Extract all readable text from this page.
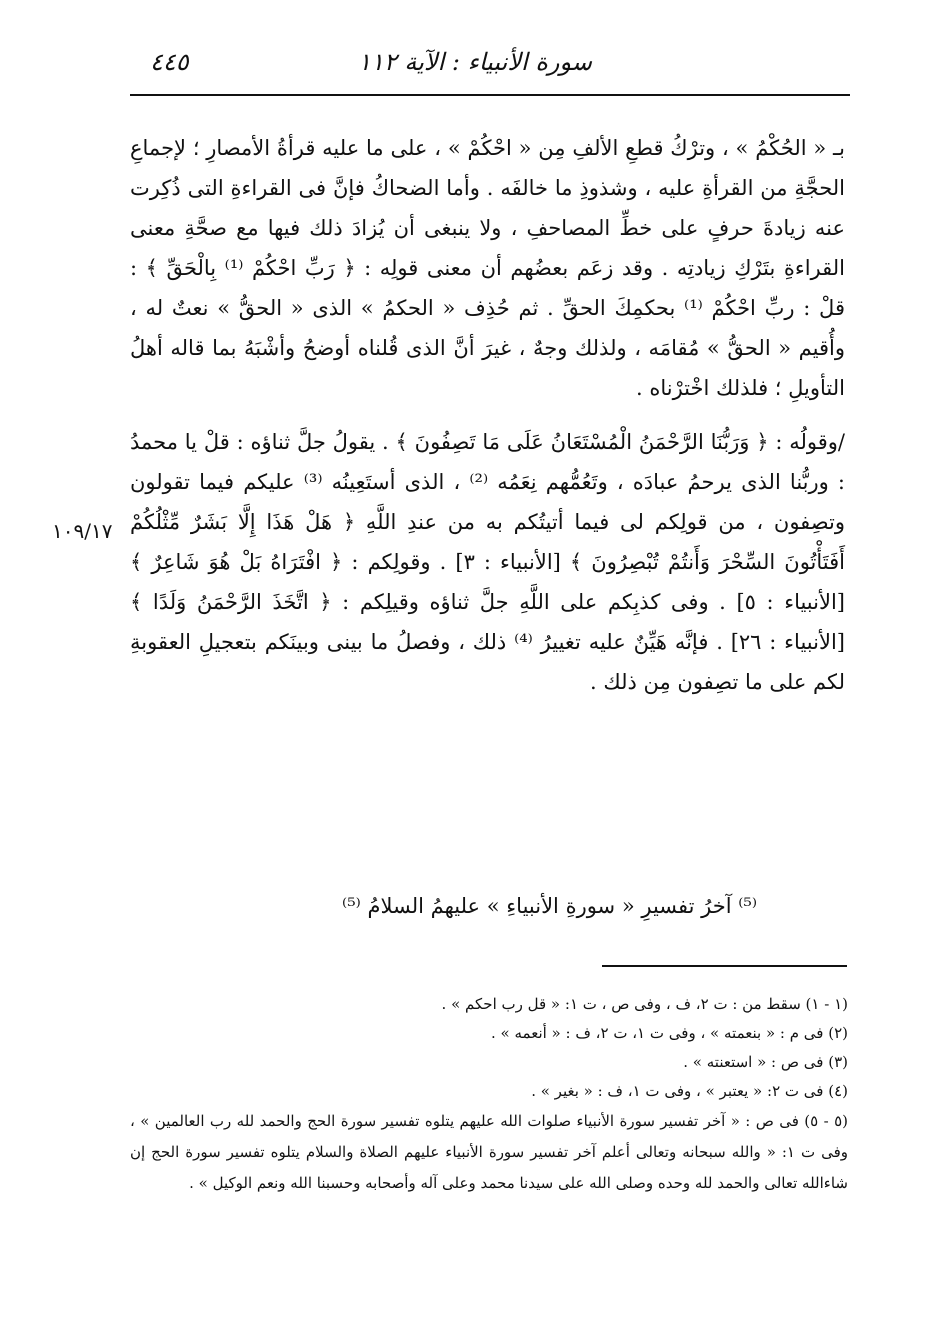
سورة الأنبياء : الآية ١١٢
٤٤٥

بـ « الحُكْمُ » ، وترْكُ قطعِ الألفِ مِن « احْكُمْ » ، على ما عليه قرأةُ الأمصارِ ؛ لإجماعِ الحجَّةِ من القرأةِ عليه ، وشذوذِ ما خالفَه . وأما الضحاكُ فإنَّ فى القراءةِ التى ذُكِرت عنه زيادةَ حرفٍ على خطِّ المصاحفِ ، ولا ينبغى أن يُزادَ ذلك فيها مع صحَّةِ معنى القراءةِ بتَرْكِ زيادتِه . وقد زعَم بعضُهم أن معنى قولِه : ﴿ رَبِّ احْكُمْ ⁽¹⁾ بِالْحَقِّ ﴾ : قلْ : ربِّ احْكُمْ ⁽¹⁾ بحكمِكَ الحقِّ . ثم حُذِف « الحكمُ » الذى « الحقُّ » نعتٌ له ، وأُقيم « الحقُّ » مُقامَه ، ولذلك وجهٌ ، غيرَ أنَّ الذى قُلناه أوضحُ وأشْبَهُ بما قاله أهلُ التأويلِ ؛ فلذلك اخْترْناه .

/وقولُه : ﴿ وَرَبُّنَا الرَّحْمَنُ الْمُسْتَعَانُ عَلَى مَا تَصِفُونَ ﴾ . يقولُ جلَّ ثناؤه : قلْ يا محمدُ : وربُّنا الذى يرحمُ عبادَه ، وتَعُمُّهم نِعَمُه ⁽²⁾ ، الذى أستَعِينُه ⁽³⁾ عليكم فيما تقولون وتصِفون ، من قولِكم لى فيما أتيتُكم به من عندِ اللَّهِ ﴿ هَلْ هَذَا إِلَّا بَشَرٌ مِّثْلُكُمْ أَفَتَأْتُونَ السِّحْرَ وَأَنتُمْ تُبْصِرُونَ ﴾ [الأنبياء : ٣] . وقولِكم : ﴿ افْتَرَاهُ بَلْ هُوَ شَاعِرٌ ﴾ [الأنبياء : ٥] . وفى كذبِكم على اللَّهِ جلَّ ثناؤه وقيلِكم : ﴿ اتَّخَذَ الرَّحْمَنُ وَلَدًا ﴾ [الأنبياء : ٢٦] . فإنَّه هَيِّنٌ عليه تغييرُ ⁽⁴⁾ ذلك ، وفصلُ ما بينى وبينَكم بتعجيلِ العقوبةِ لكم على ما تصِفون مِن ذلك .

١٠٩/١٧
⁽⁵⁾ آخرُ تفسيرِ « سورةِ الأنبياءِ » عليهمُ السلامُ ⁽⁵⁾

(١ - ١) سقط من : ت ٢، ف ، وفى ص ، ت ١: « قل رب احكم » .

(٢) فى م : « بنعمته » ، وفى ت ١، ت ٢، ف : « أنعمه » .

(٣) فى ص : « استعنته » .

(٤) فى ت ٢: « يعتبر » ، وفى ت ١، ف : « بغير » .

(٥ - ٥) فى ص : « آخر تفسير سورة الأنبياء صلوات الله عليهم يتلوه تفسير سورة الحج والحمد لله رب العالمين » ، وفى ت ١: « والله سبحانه وتعالى أعلم آخر تفسير سورة الأنبياء عليهم الصلاة والسلام يتلوه تفسير سورة الحج إن شاءالله تعالى والحمد لله وحده وصلى الله على سيدنا محمد وعلى آله وأصحابه وحسبنا الله ونعم الوكيل » .
